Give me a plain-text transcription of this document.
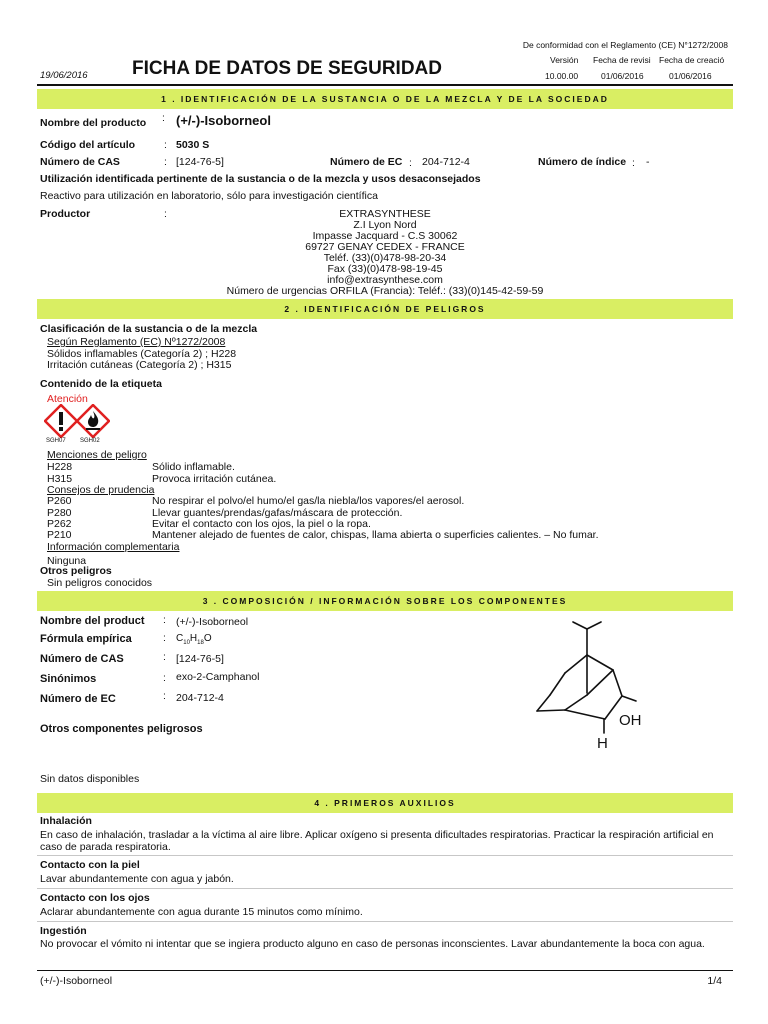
De conformidad con el Reglamento (CE) N°1272/2008
19/06/2016 FICHA DE DATOS DE SEGURIDAD	Versión Fecha de revisi Fecha de creació
10.00.00	01/06/2016	01/06/2016
1 . IDENTIFICACIÓN DE LA SUSTANCIA O DE LA MEZCLA Y DE LA SOCIEDAD
Nombre del producto : (+/-)-Isoborneol
Código del artículo	: 5030 S
Número de CAS	: [124-76-5]	Número de EC : 204-712-4	Número de índice : -
Utilización identificada pertinente de la sustancia o de la mezcla y usos desaconsejados
Reactivo para utilización en laboratorio, sólo para investigación científica
Productor	:	EXTRASYNTHESE
Z.I Lyon Nord
Impasse Jacquard - C.S 30062
69727 GENAY CEDEX - FRANCE
Teléf. (33)(0)478-98-20-34
Fax (33)(0)478-98-19-45
info@extrasynthese.com
Número de urgencias ORFILA (Francia): Teléf.: (33)(0)145-42-59-59
2 . IDENTIFICACIÓN DE PELIGROS
Clasificación de la sustancia o de la mezcla
Según Reglamento (EC) Nº1272/2008
Sólidos inflamables (Categoría 2) ; H228
Irritación cutáneas (Categoría 2) ; H315
Contenido de la etiqueta
Atención
SGH07 SGH02
Menciones de peligro
H228	Sólido inflamable.
H315	Provoca irritación cutánea.
Consejos de prudencia
P260	No respirar el polvo/el humo/el gas/la niebla/los vapores/el aerosol.
P280	Llevar guantes/prendas/gafas/máscara de protección.
P262	Evitar el contacto con los ojos, la piel o la ropa.
P210	Mantener alejado de fuentes de calor, chispas, llama abierta o superficies calientes. – No fumar.
Información complementaria
Ninguna
Otros peligros
Sin peligros conocidos
3 . COMPOSICIÓN / INFORMACIÓN SOBRE LOS COMPONENTES
Nombre del product : (+/-)-Isoborneol
Fórmula empírica	: $C_{10}H_{18}O$
Número de CAS	: [124-76-5]
Sinónimos	: exo-2-Camphanol
Número de EC	: 204-712-4
Otros componentes peligrosos	OH
H
Sin datos disponibles
4 . PRIMEROS AUXILIOS
Inhalación
En caso de inhalación, trasladar a la víctima al aire libre. Aplicar oxígeno si presenta dificultades respiratorias. Practicar la respiración artificial en
caso de parada respiratoria.
Contacto con la piel
Lavar abundantemente con agua y jabón.
Contacto con los ojos
Aclarar abundantemente con agua durante 15 minutos como mínimo.
Ingestión
No provocar el vómito ni intentar que se ingiera producto alguno en caso de personas inconscientes. Lavar abundantemente la boca con agua.
(+/-)-Isoborneol	1/4
